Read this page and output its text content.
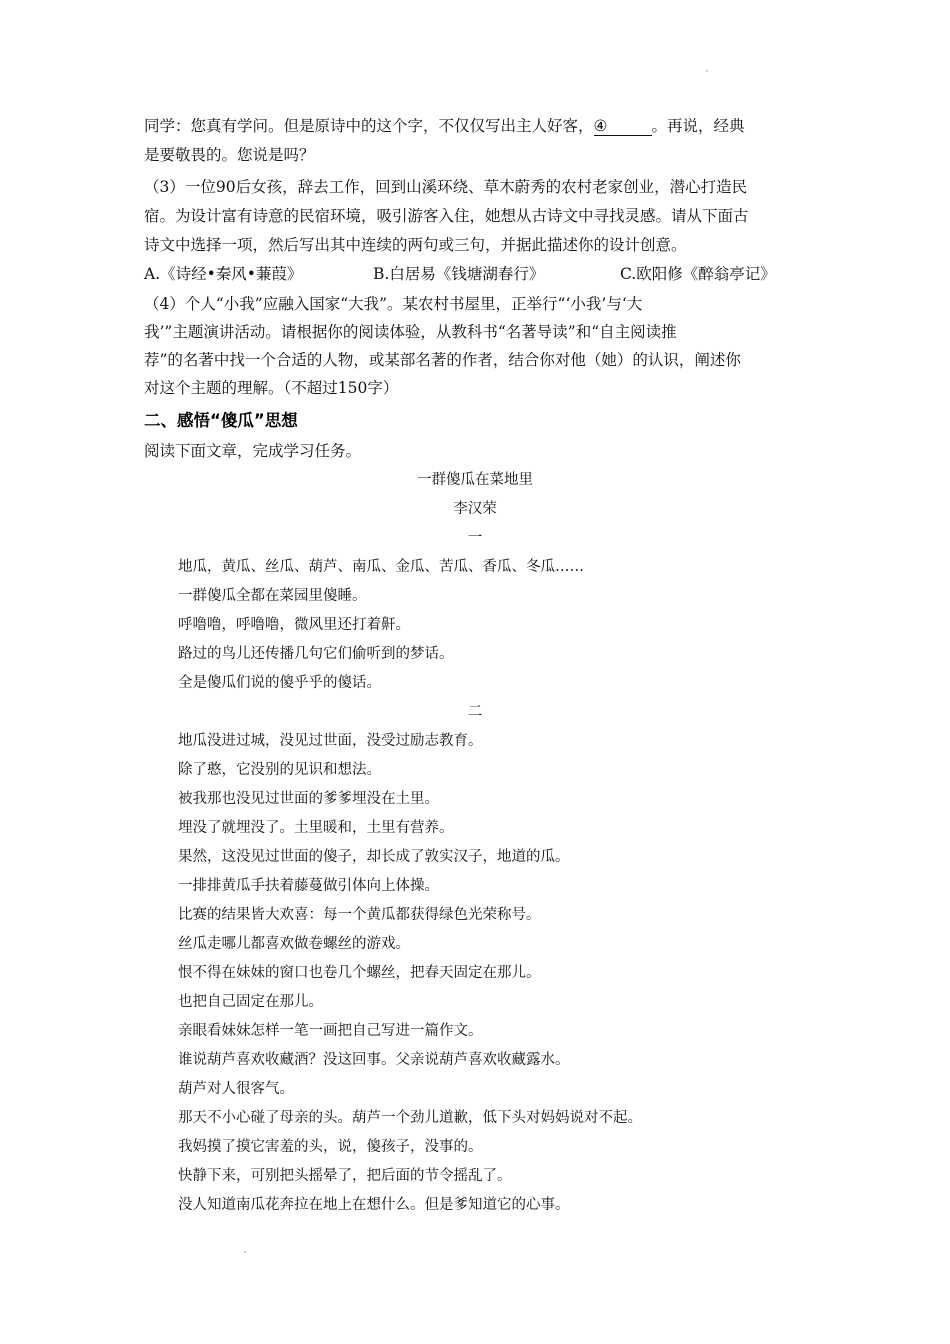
同学：您真有学问。但是原诗中的这个字，不仅仅写出主人好客，④	。再说，经典
是要敬畏的。您说是吗？
（3）一位90后女孩，辞去工作，回到山溪环绕、草木蔚秀的农村老家创业，潜心打造民
宿。为设计富有诗意的民宿环境，吸引游客入住，她想从古诗文中寻找灵感。请从下面古
诗文中选择一项，然后写出其中连续的两句或三句，并据此描述你的设计创意。
A.《诗经•秦风•蒹葭》	B.白居易《钱塘湖春行》	C.欧阳修《醉翁亭记》
（4）个人“小我”应融入国家“大我”。某农村书屋里，正举行“‘小我’与‘大
我’”主题演讲活动。请根据你的阅读体验，从教科书“名著导读”和“自主阅读推
荐”的名著中找一个合适的人物，或某部名著的作者，结合你对他（她）的认识，阐述你
对这个主题的理解。（不超过150字）
二、感悟“傻瓜”思想
阅读下面文章，完成学习任务。
一群傻瓜在菜地里
李汉荣
一
地瓜，黄瓜、丝瓜、葫芦、南瓜、金瓜、苦瓜、香瓜、冬瓜……
一群傻瓜全都在菜园里傻睡。
呼噜噜，呼噜噜，微风里还打着鼾。
路过的鸟儿还传播几句它们偷听到的梦话。
全是傻瓜们说的傻乎乎的傻话。
二
地瓜没进过城，没见过世面，没受过励志教育。
除了憨，它没别的见识和想法。
被我那也没见过世面的爹爹埋没在土里。
埋没了就埋没了。土里暖和，土里有营养。
果然，这没见过世面的傻子，却长成了敦实汉子，地道的瓜。
一排排黄瓜手扶着藤蔓做引体向上体操。
比赛的结果皆大欢喜：每一个黄瓜都获得绿色光荣称号。
丝瓜走哪儿都喜欢做卷螺丝的游戏。
恨不得在妹妹的窗口也卷几个螺丝，把春天固定在那儿。
也把自己固定在那儿。
亲眼看妹妹怎样一笔一画把自己写进一篇作文。
谁说葫芦喜欢收藏酒？没这回事。父亲说葫芦喜欢收藏露水。
葫芦对人很客气。
那天不小心碰了母亲的头。葫芦一个劲儿道歉，低下头对妈妈说对不起。
我妈摸了摸它害羞的头，说，傻孩子，没事的。
快静下来，可别把头摇晕了，把后面的节令摇乱了。
没人知道南瓜花奔拉在地上在想什么。但是爹知道它的心事。
